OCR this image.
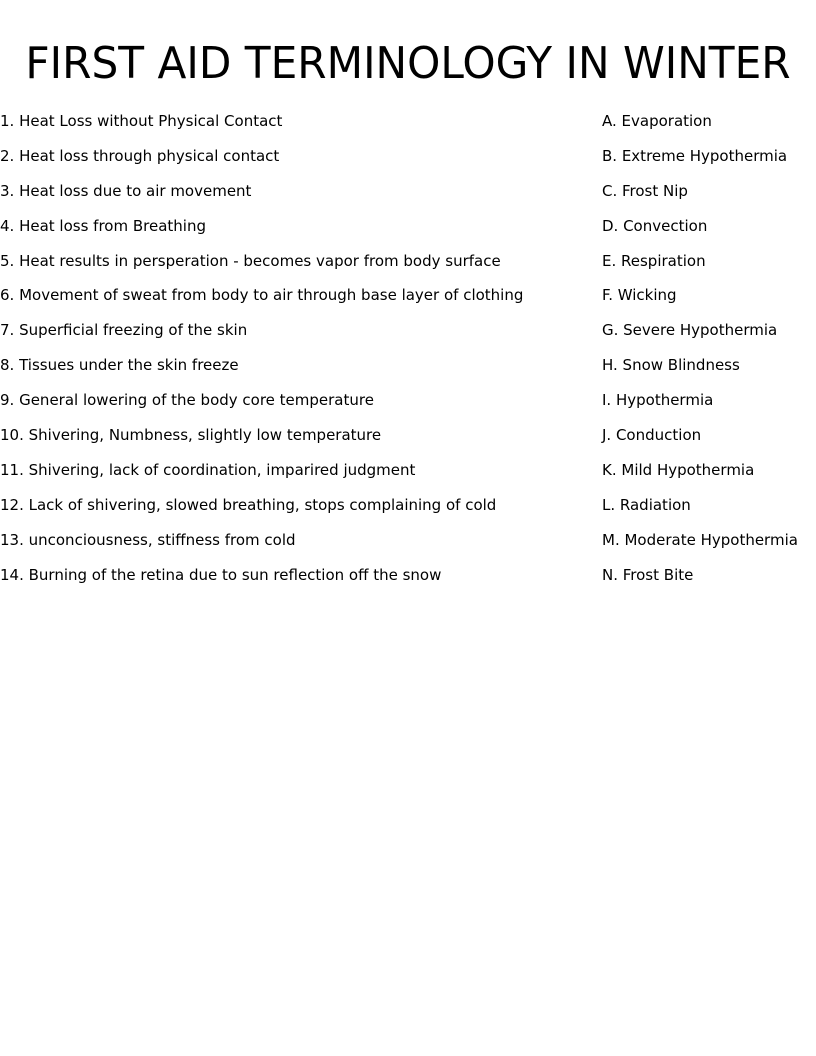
FIRST AID TERMINOLOGY IN WINTER
1. Heat Loss without Physical Contact
2. Heat loss through physical contact
3. Heat loss due to air movement
4. Heat loss from Breathing
5. Heat results in persperation - becomes vapor from body surface
6. Movement of sweat from body to air through base layer of clothing
7. Superficial freezing of the skin
8. Tissues under the skin freeze
9. General lowering of the body core temperature
10. Shivering, Numbness, slightly low temperature
11. Shivering, lack of coordination, imparired judgment
12. Lack of shivering, slowed breathing, stops complaining of cold
13. unconciousness, stiffness from cold
14. Burning of the retina due to sun reflection off the snow
A. Evaporation
B. Extreme Hypothermia
C. Frost Nip
D. Convection
E. Respiration
F. Wicking
G. Severe Hypothermia
H. Snow Blindness
I. Hypothermia
J. Conduction
K. Mild Hypothermia
L. Radiation
M. Moderate Hypothermia
N. Frost Bite
